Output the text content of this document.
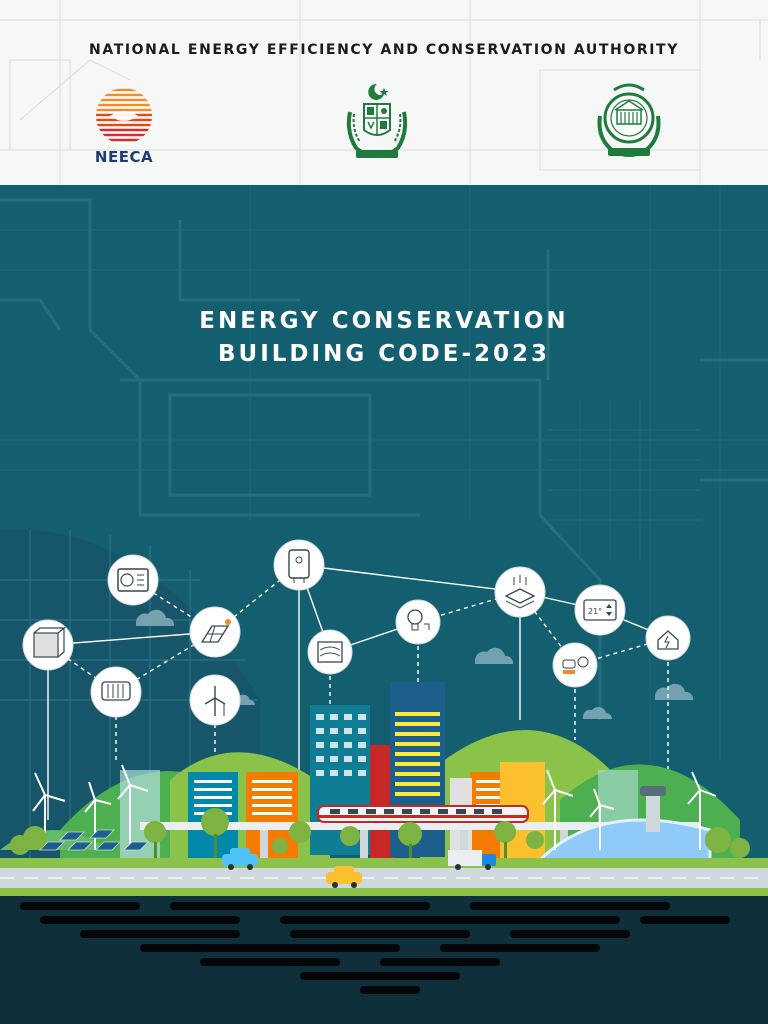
NATIONAL ENERGY EFFICIENCY AND CONSERVATION AUTHORITY
NEECA
21°
ENERGY CONSERVATION
BUILDING CODE-2023
